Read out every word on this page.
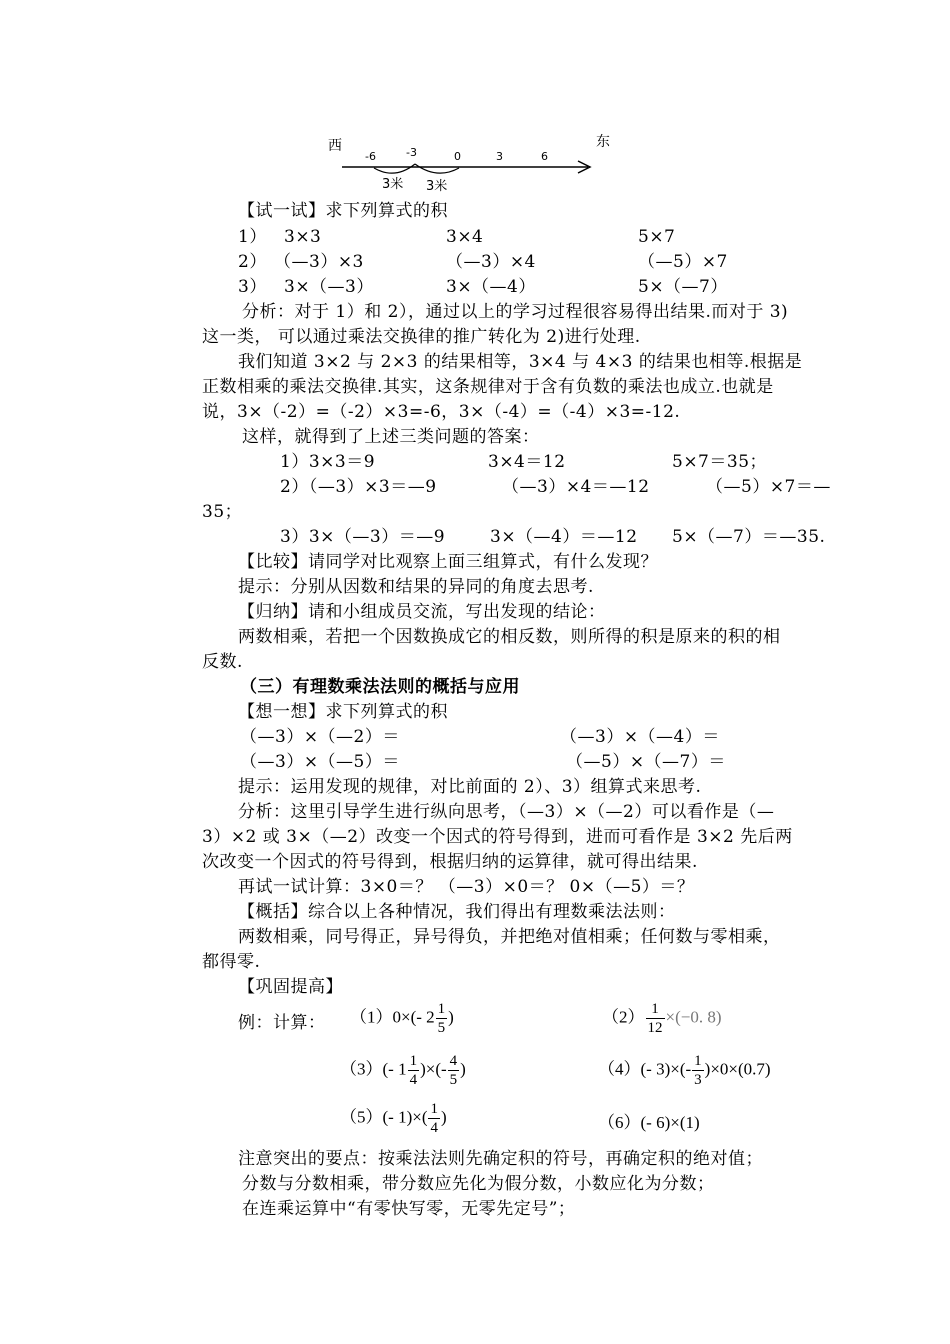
西	东
-6	-3	0	3	6
3米 3米
【试一试】求下列算式的积
1） 3×3	3×4	5×7
2） （—3）×3	（—3）×4	（—5）×7
3） 3×（—3）	3×（—4）	5×（—7）
分析：对于 1）和 2），通过以上的学习过程很容易得出结果.而对于 3)
这一类， 可以通过乘法交换律的推广转化为 2)进行处理.
我们知道 3×2 与 2×3 的结果相等，3×4 与 4×3 的结果也相等.根据是
正数相乘的乘法交换律.其实，这条规律对于含有负数的乘法也成立.也就是
说，3×（-2）=（-2）×3=-6，3×（-4）=（-4）×3=-12.
这样，就得到了上述三类问题的答案：
1）3×3＝9	3×4＝12	5×7＝35；
2）（—3）×3＝—9	（—3）×4＝—12	（—5）×7＝—
35；
3）3×（—3）＝—9	3×（—4）＝—12 5×（—7）＝—35.
【比较】请同学对比观察上面三组算式，有什么发现？
提示：分别从因数和结果的异同的角度去思考.
【归纳】请和小组成员交流，写出发现的结论：
两数相乘，若把一个因数换成它的相反数，则所得的积是原来的积的相
反数.
（三）有理数乘法法则的概括与应用
【想一想】求下列算式的积
（—3）×（—2）＝	（—3）×（—4）＝
（—3）×（—5）＝	（—5）×（—7）＝
提示：运用发现的规律，对比前面的 2）、3）组算式来思考.
分析：这里引导学生进行纵向思考，（—3）×（—2）可以看作是（—
3）×2 或 3×（—2）改变一个因式的符号得到，进而可看作是 3×2 先后两
次改变一个因式的符号得到，根据归纳的运算律，就可得出结果.
再试一试计算：3×0＝？ （—3）×0＝？ 0×（—5）＝？
【概括】综合以上各种情况，我们得出有理数乘法法则：
两数相乘，同号得正，异号得负，并把绝对值相乘；任何数与零相乘，
都得零.
【巩固提高】
例：计算： （1）0×(- $2 \frac{1}{5}$ )	$(2) \frac{1}{12} \times(-0$. 8)
（3）(- $1 \frac{1}{4}$ )×(- $\frac{4}{5}$ )	（4）(- $3)\times(- \frac{1}{3} )\times 0\times(0.7)$
（5）(- $1)\times( \frac{1}{4}$ )	（6）(- 6)×(1)
注意突出的要点：按乘法法则先确定积的符号，再确定积的绝对值；
分数与分数相乘，带分数应先化为假分数，小数应化为分数；
在连乘运算中“有零快写零，无零先定号”；
